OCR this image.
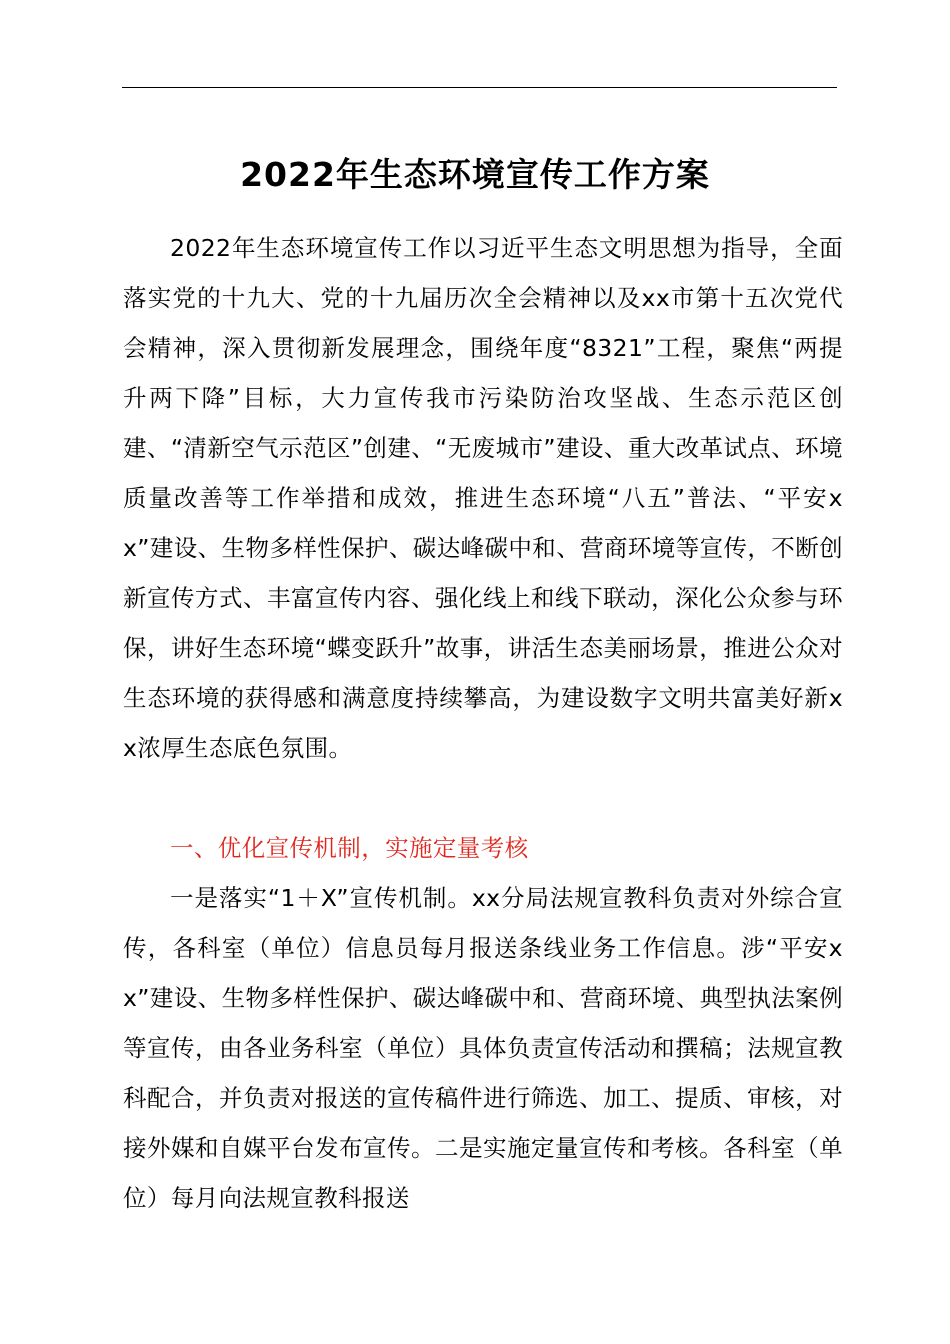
2022年生态环境宣传工作方案

2022年生态环境宣传工作以习近平生态文明思想为指导，全面落实党的十九大、党的十九届历次全会精神以及xx市第十五次党代会精神，深入贯彻新发展理念，围绕年度“8321”工程，聚焦“两提升两下降”目标，大力宣传我市污染防治攻坚战、生态示范区创建、“清新空气示范区”创建、“无废城市”建设、重大改革试点、环境质量改善等工作举措和成效，推进生态环境“八五”普法、“平安xx”建设、生物多样性保护、碳达峰碳中和、营商环境等宣传，不断创新宣传方式、丰富宣传内容、强化线上和线下联动，深化公众参与环保，讲好生态环境“蝶变跃升”故事，讲活生态美丽场景，推进公众对生态环境的获得感和满意度持续攀高，为建设数字文明共富美好新xx浓厚生态底色氛围。

一、优化宣传机制，实施定量考核

一是落实“1＋X”宣传机制。xx分局法规宣教科负责对外综合宣传，各科室（单位）信息员每月报送条线业务工作信息。涉“平安xx”建设、生物多样性保护、碳达峰碳中和、营商环境、典型执法案例等宣传，由各业务科室（单位）具体负责宣传活动和撰稿；法规宣教科配合，并负责对报送的宣传稿件进行筛选、加工、提质、审核，对接外媒和自媒平台发布宣传。二是实施定量宣传和考核。各科室（单位）每月向法规宣教科报送
